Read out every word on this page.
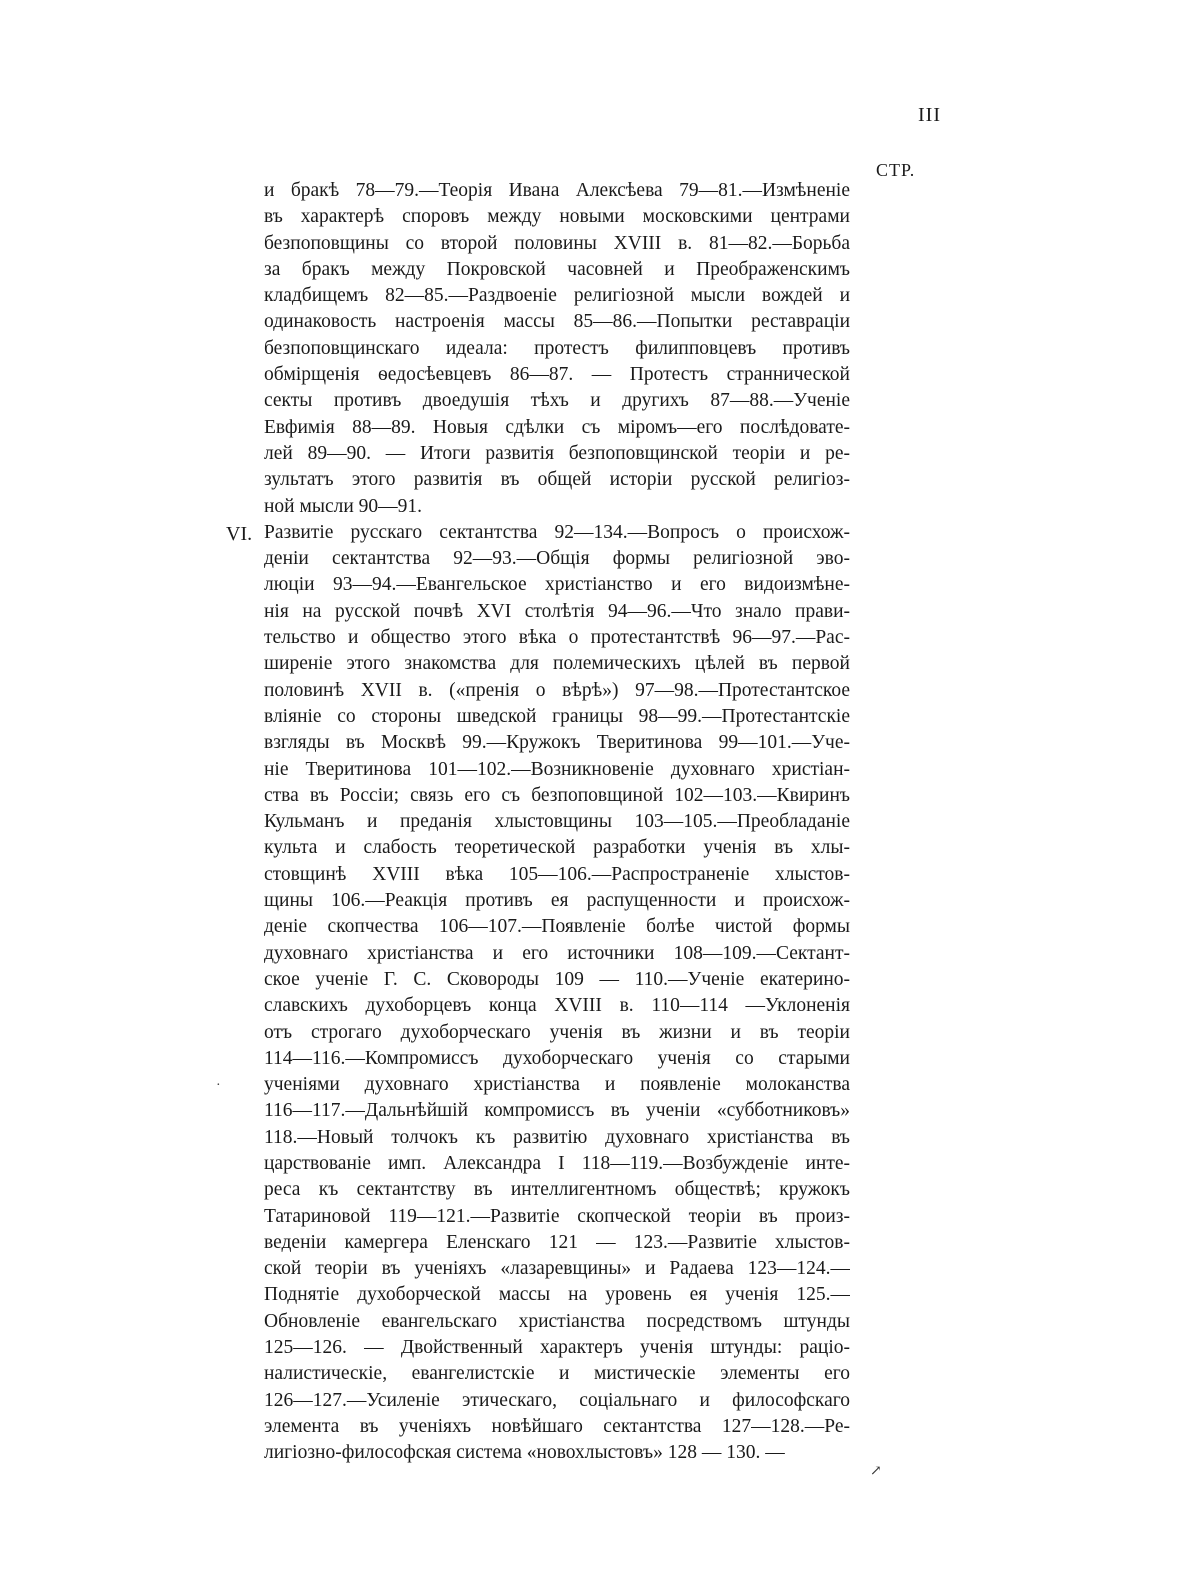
III
СТР.
VI.
и бракѣ 78—79.—Теорія Ивана Алексѣева 79—81.—Измѣненіе
въ характерѣ споровъ между новыми московскими центрами
безпоповщины со второй половины XVIII в. 81—82.—Борьба
за бракъ между Покровской часовней и Преображенскимъ
кладбищемъ 82—85.—Раздвоеніе религіозной мысли вождей и
одинаковость настроенія массы 85—86.—Попытки реставраціи
безпоповщинскаго идеала: протестъ филипповцевъ противъ
обмірщенія ѳедосѣевцевъ 86—87. — Протестъ страннической
секты противъ двоедушія тѣхъ и другихъ 87—88.—Ученіе
Евфимія 88—89. Новыя сдѣлки съ міромъ—его послѣдовате-
лей 89—90. — Итоги развитія безпоповщинской теоріи и ре-
зультатъ этого развитія въ общей исторіи русской религіоз-
ной мысли 90—91.
Развитіе русскаго сектантства 92—134.—Вопросъ о происхож-
деніи сектантства 92—93.—Общія формы религіозной эво-
люціи 93—94.—Евангельское христіанство и его видоизмѣне-
нія на русской почвѣ XVI столѣтія 94—96.—Что знало прави-
тельство и общество этого вѣка о протестантствѣ 96—97.—Рас-
ширеніе этого знакомства для полемическихъ цѣлей въ первой
половинѣ XVII в. («пренія о вѣрѣ») 97—98.—Протестантское
вліяніе со стороны шведской границы 98—99.—Протестантскіе
взгляды въ Москвѣ 99.—Кружокъ Тверитинова 99—101.—Уче-
ніе Тверитинова 101—102.—Возникновеніе духовнаго христіан-
ства въ Россіи; связь его съ безпоповщиной 102—103.—Квиринъ
Кульманъ и преданія хлыстовщины 103—105.—Преобладаніе
культа и слабость теоретической разработки ученія въ хлы-
стовщинѣ XVIII вѣка 105—106.—Распространеніе хлыстов-
щины 106.—Реакція противъ ея распущенности и происхож-
деніе скопчества 106—107.—Появленіе болѣе чистой формы
духовнаго христіанства и его источники 108—109.—Сектант-
ское ученіе Г. С. Сковороды 109 — 110.—Ученіе екатерино-
славскихъ духоборцевъ конца XVIII в. 110—114 —Уклоненія
отъ строгаго духоборческаго ученія въ жизни и въ теоріи
114—116.—Компромиссъ духоборческаго ученія со старыми
ученіями духовнаго христіанства и появленіе молоканства
116—117.—Дальнѣйшій компромиссъ въ ученіи «субботниковъ»
118.—Новый толчокъ къ развитію духовнаго христіанства въ
царствованіе имп. Александра I 118—119.—Возбужденіе инте-
реса къ сектантству въ интеллигентномъ обществѣ; кружокъ
Татариновой 119—121.—Развитіе скопческой теоріи въ произ-
веденіи камергера Еленскаго 121 — 123.—Развитіе хлыстов-
ской теоріи въ ученіяхъ «лазаревщины» и Радаева 123—124.—
Поднятіе духоборческой массы на уровень ея ученія 125.—
Обновленіе евангельскаго христіанства посредствомъ штунды
125—126. — Двойственный характеръ ученія штунды: раціо-
налистическіе, евангелистскіе и мистическіе элементы его
126—127.—Усиленіе этическаго, соціальнаго и философскаго
элемента въ ученіяхъ новѣйшаго сектантства 127—128.—Ре-
лигіозно-философская система «новохлыстовъ» 128 — 130. —
·
↗
